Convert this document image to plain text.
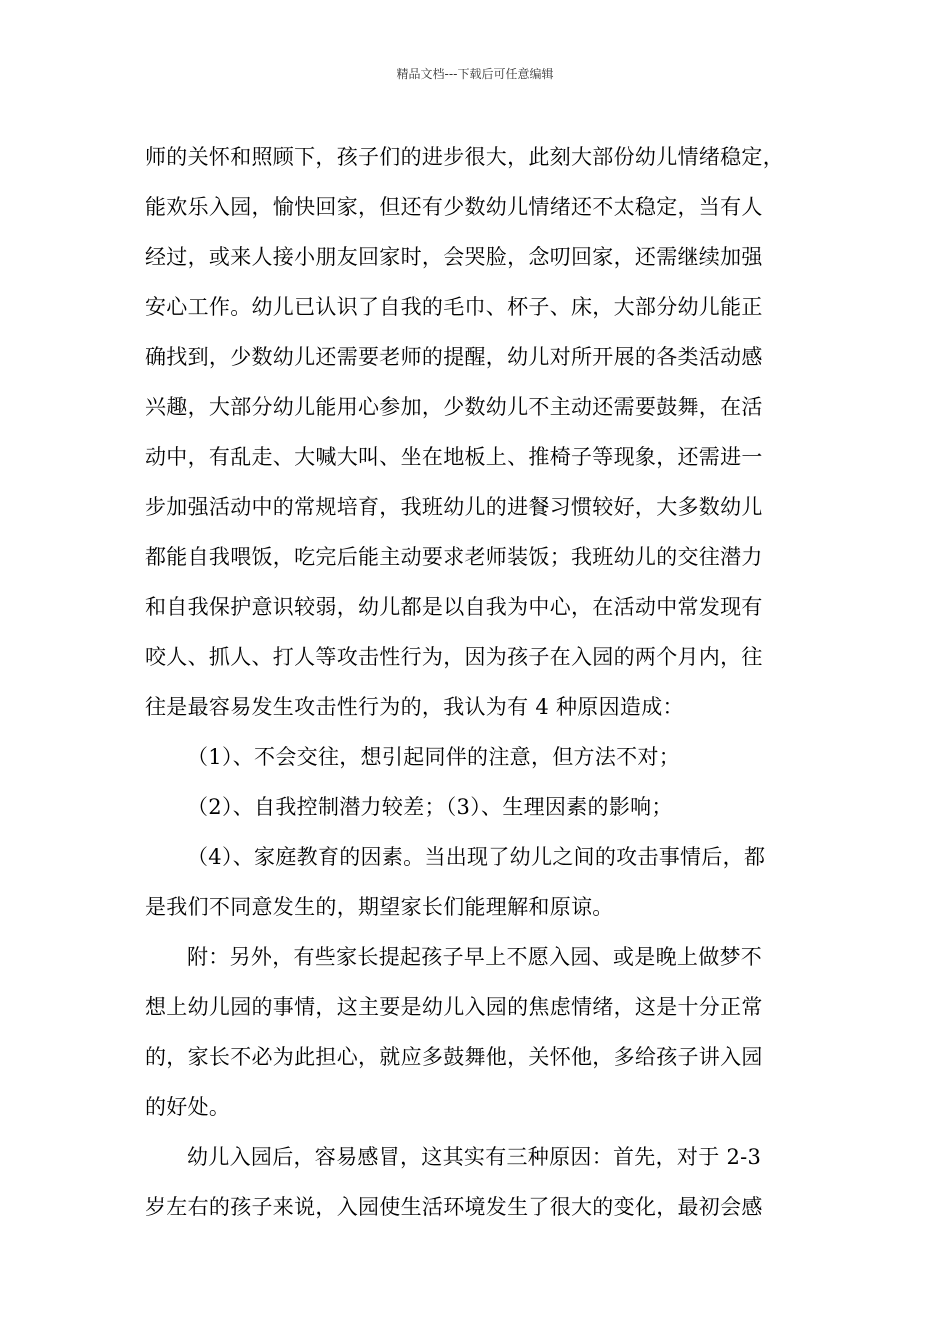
精品文档---下载后可任意编辑
师的关怀和照顾下，孩子们的进步很大，此刻大部份幼儿情绪稳定，
能欢乐入园，愉快回家，但还有少数幼儿情绪还不太稳定，当有人
经过，或来人接小朋友回家时，会哭脸，念叨回家，还需继续加强
安心工作。幼儿已认识了自我的毛巾、杯子、床，大部分幼儿能正
确找到，少数幼儿还需要老师的提醒，幼儿对所开展的各类活动感
兴趣，大部分幼儿能用心参加，少数幼儿不主动还需要鼓舞，在活
动中，有乱走、大喊大叫、坐在地板上、推椅子等现象，还需进一
步加强活动中的常规培育，我班幼儿的进餐习惯较好，大多数幼儿
都能自我喂饭，吃完后能主动要求老师装饭；我班幼儿的交往潜力
和自我保护意识较弱，幼儿都是以自我为中心，在活动中常发现有
咬人、抓人、打人等攻击性行为，因为孩子在入园的两个月内，往
往是最容易发生攻击性行为的，我认为有 4 种原因造成：
（1）、不会交往，想引起同伴的注意，但方法不对；
（2）、自我控制潜力较差；（3）、生理因素的影响；
（4）、家庭教育的因素。当出现了幼儿之间的攻击事情后，都
是我们不同意发生的，期望家长们能理解和原谅。
附：另外，有些家长提起孩子早上不愿入园、或是晚上做梦不
想上幼儿园的事情，这主要是幼儿入园的焦虑情绪，这是十分正常
的，家长不必为此担心，就应多鼓舞他，关怀他，多给孩子讲入园
的好处。
幼儿入园后，容易感冒，这其实有三种原因：首先，对于 2-3
岁左右的孩子来说，入园使生活环境发生了很大的变化，最初会感
